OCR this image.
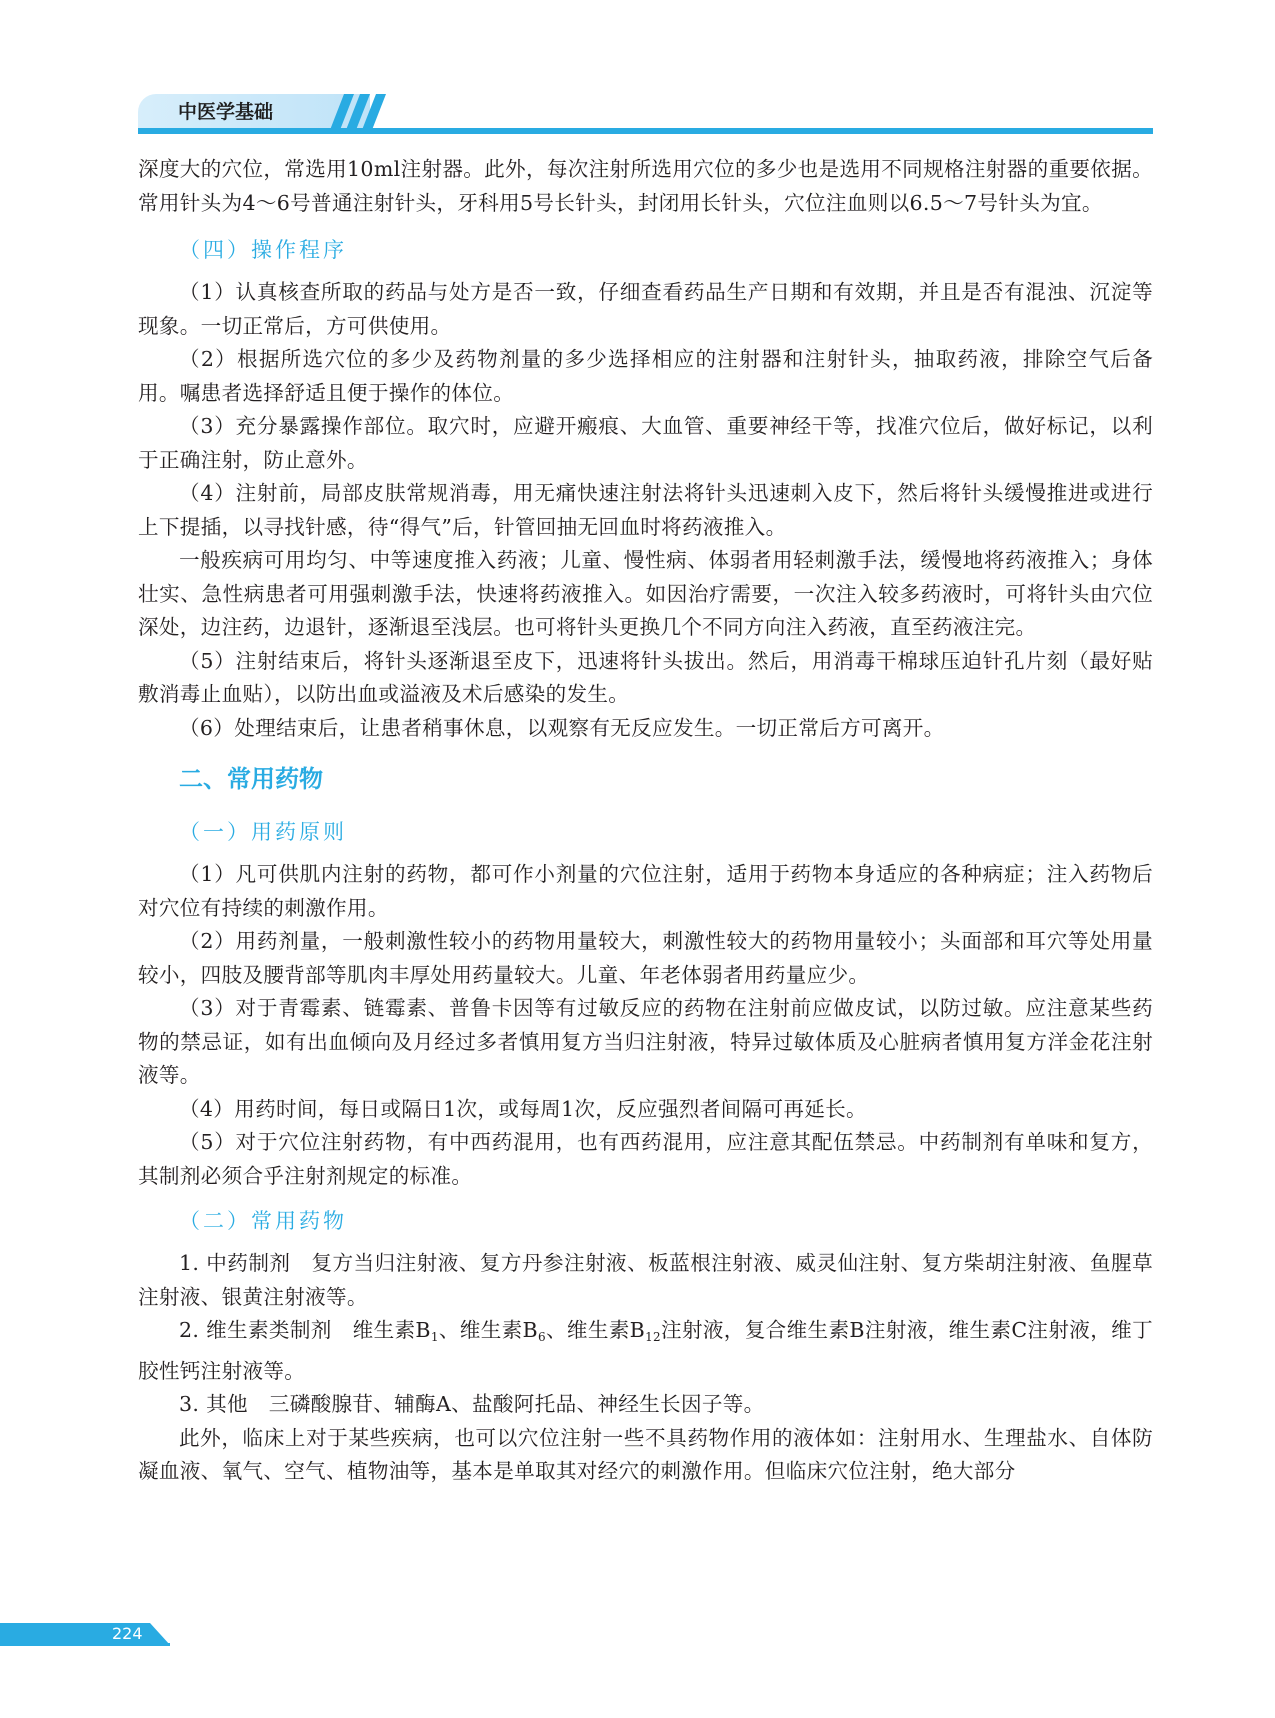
中医学基础

深度大的穴位，常选用10ml注射器。此外，每次注射所选用穴位的多少也是选用不同规格注射器的重要依据。常用针头为4～6号普通注射针头，牙科用5号长针头，封闭用长针头，穴位注血则以6.5～7号针头为宜。

（四）操作程序

（1）认真核查所取的药品与处方是否一致，仔细查看药品生产日期和有效期，并且是否有混浊、沉淀等现象。一切正常后，方可供使用。

（2）根据所选穴位的多少及药物剂量的多少选择相应的注射器和注射针头，抽取药液，排除空气后备用。嘱患者选择舒适且便于操作的体位。

（3）充分暴露操作部位。取穴时，应避开瘢痕、大血管、重要神经干等，找准穴位后，做好标记，以利于正确注射，防止意外。

（4）注射前，局部皮肤常规消毒，用无痛快速注射法将针头迅速刺入皮下，然后将针头缓慢推进或进行上下提插，以寻找针感，待“得气”后，针管回抽无回血时将药液推入。

一般疾病可用均匀、中等速度推入药液；儿童、慢性病、体弱者用轻刺激手法，缓慢地将药液推入；身体壮实、急性病患者可用强刺激手法，快速将药液推入。如因治疗需要，一次注入较多药液时，可将针头由穴位深处，边注药，边退针，逐渐退至浅层。也可将针头更换几个不同方向注入药液，直至药液注完。

（5）注射结束后，将针头逐渐退至皮下，迅速将针头拔出。然后，用消毒干棉球压迫针孔片刻（最好贴敷消毒止血贴），以防出血或溢液及术后感染的发生。

（6）处理结束后，让患者稍事休息，以观察有无反应发生。一切正常后方可离开。

二、常用药物

（一）用药原则

（1）凡可供肌内注射的药物，都可作小剂量的穴位注射，适用于药物本身适应的各种病症；注入药物后对穴位有持续的刺激作用。

（2）用药剂量，一般刺激性较小的药物用量较大，刺激性较大的药物用量较小；头面部和耳穴等处用量较小，四肢及腰背部等肌肉丰厚处用药量较大。儿童、年老体弱者用药量应少。

（3）对于青霉素、链霉素、普鲁卡因等有过敏反应的药物在注射前应做皮试，以防过敏。应注意某些药物的禁忌证，如有出血倾向及月经过多者慎用复方当归注射液，特异过敏体质及心脏病者慎用复方洋金花注射液等。

（4）用药时间，每日或隔日1次，或每周1次，反应强烈者间隔可再延长。

（5）对于穴位注射药物，有中西药混用，也有西药混用，应注意其配伍禁忌。中药制剂有单味和复方，其制剂必须合乎注射剂规定的标准。

（二）常用药物

1. 中药制剂　 复方当归注射液、复方丹参注射液、板蓝根注射液、威灵仙注射、复方柴胡注射液、鱼腥草注射液、银黄注射液等。

2. 维生素类制剂　 维生素$B_1$、维生素$B_6$、维生素$B_{12}$注射液，复合维生素B注射液，维生素C注射液，维丁胶性钙注射液等。

3. 其他　 三磷酸腺苷、辅酶A、盐酸阿托品、神经生长因子等。

此外，临床上对于某些疾病，也可以穴位注射一些不具药物作用的液体如：注射用水、生理盐水、自体防凝血液、氧气、空气、植物油等，基本是单取其对经穴的刺激作用。但临床穴位注射，绝大部分

224
